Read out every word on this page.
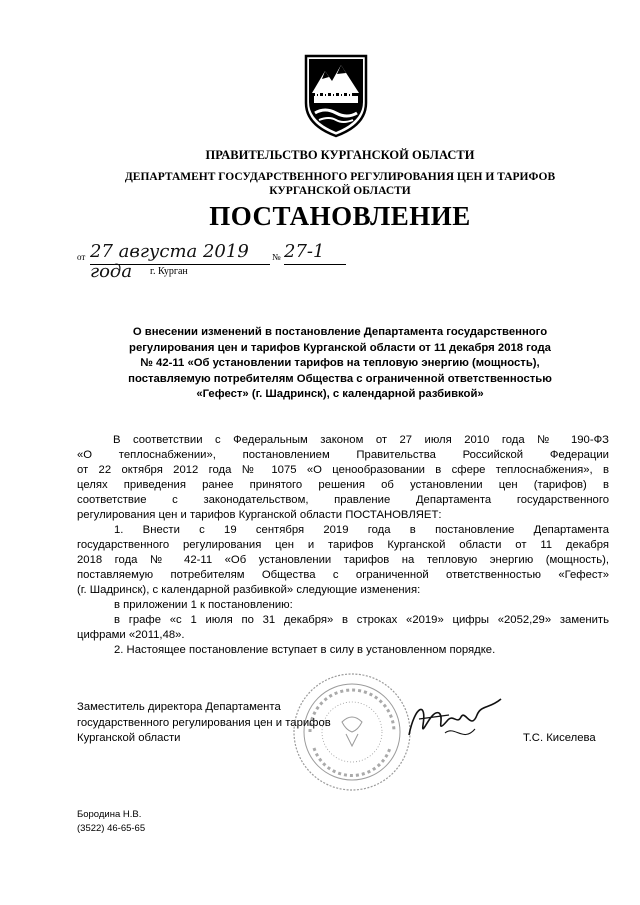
ПРАВИТЕЛЬСТВО КУРГАНСКОЙ ОБЛАСТИ
ДЕПАРТАМЕНТ ГОСУДАРСТВЕННОГО РЕГУЛИРОВАНИЯ ЦЕН И ТАРИФОВ
КУРГАНСКОЙ ОБЛАСТИ
ПОСТАНОВЛЕНИЕ
от 27 августа 2019 года
№ 27-1
г. Курган
О внесении изменений в постановление Департамента государственного
регулирования цен и тарифов Курганской области от 11 декабря 2018 года
№ 42-11 «Об установлении тарифов на тепловую энергию (мощность),
поставляемую потребителям Общества с ограниченной ответственностью
«Гефест» (г. Шадринск), с календарной разбивкой»
В соответствии с Федеральным законом от 27 июля 2010 года № 190-ФЗ
«О теплоснабжении», постановлением Правительства Российской Федерации
от 22 октября 2012 года № 1075 «О ценообразовании в сфере теплоснабжения», в
целях приведения ранее принятого решения об установлении цен (тарифов) в
соответствие с законодательством, правление Департамента государственного
регулирования цен и тарифов Курганской области ПОСТАНОВЛЯЕТ:
1. Внести с 19 сентября 2019 года в постановление Департамента
государственного регулирования цен и тарифов Курганской области от 11 декабря
2018 года № 42-11 «Об установлении тарифов на тепловую энергию (мощность),
поставляемую потребителям Общества с ограниченной ответственностью «Гефест»
(г. Шадринск), с календарной разбивкой» следующие изменения:
в приложении 1 к постановлению:
в графе «с 1 июля по 31 декабря» в строках «2019» цифры «2052,29» заменить
цифрами «2011,48».
2. Настоящее постановление вступает в силу в установленном порядке.
Заместитель директора Департамента
государственного регулирования цен и тарифов
Курганской области	Т.С. Киселева
Бородина Н.В.
(3522) 46-65-65
